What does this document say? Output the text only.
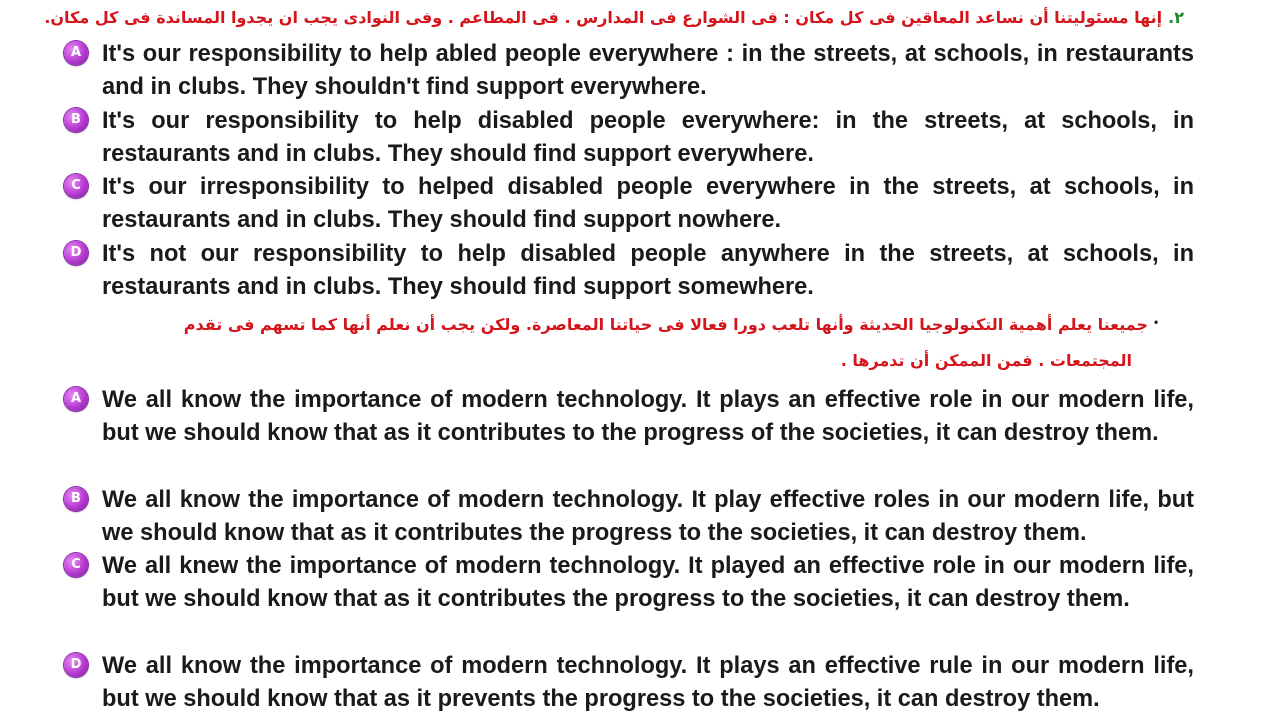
٢.إنها مسئوليتنا أن نساعد المعاقين فى كل مكان : فى الشوارع فى المدارس . فى المطاعم . وفى النوادى يجب ان يجدوا المساندة فى كل مكان.
A It's our responsibility to help abled people everywhere : in the streets, at schools, in restaurants and in clubs. They shouldn't find support everywhere.
B It's our responsibility to help disabled people everywhere: in the streets, at schools, in restaurants and in clubs. They should find support everywhere.
C It's our irresponsibility to helped disabled people everywhere in the streets, at schools, in restaurants and in clubs. They should find support nowhere.
D It's not our responsibility to help disabled people anywhere in the streets, at schools, in restaurants and in clubs. They should find support somewhere.
•
جميعنا يعلم أهمية التكنولوجيا الحديثة وأنها تلعب دورا فعالا فى حياتنا المعاصرة. ولكن يجب أن نعلم أنها كما تسهم فى تقدم
المجتمعات . فمن الممكن أن تدمرها .
A We all know the importance of modern technology. It plays an effective role in our modern life, but we should know that as it contributes to the progress of the societies, it can destroy them.
B We all know the importance of modern technology. It play effective roles in our modern life, but we should know that as it contributes the progress to the societies, it can destroy them.
C We all knew the importance of modern technology. It played an effective role in our modern life, but we should know that as it contributes the progress to the societies, it can destroy them.
D We all know the importance of modern technology. It plays an effective rule in our modern life, but we should know that as it prevents the progress to the societies, it can destroy them.
